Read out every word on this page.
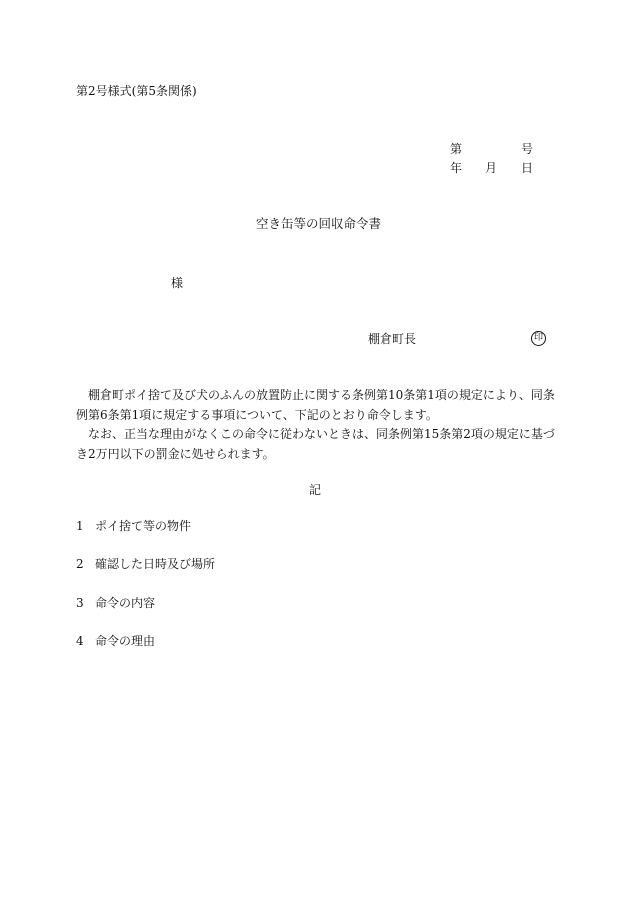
第2号様式(第5条関係)
第	号
年 月 日
空き缶等の回収命令書
様
棚倉町長	印

棚倉町ポイ捨て及び犬のふんの放置防止に関する条例第10条第1項の規定により、同条例第6条第1項に規定する事項について、下記のとおり命令します。

なお、正当な理由がなくこの命令に従わないときは、同条例第15条第2項の規定に基づき2万円以下の罰金に処せられます。

記
1 ポイ捨て等の物件
2 確認した日時及び場所
3 命令の内容
4 命令の理由
